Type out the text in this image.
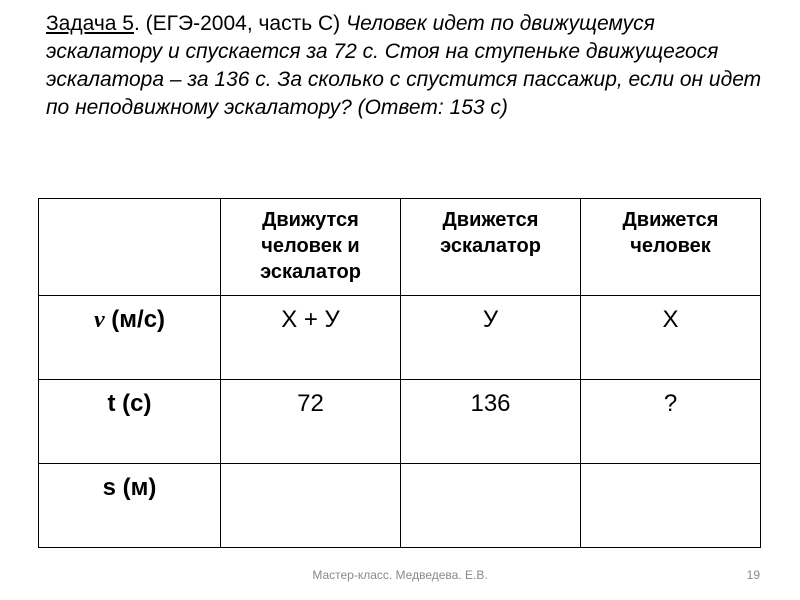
Задача 5. (ЕГЭ-2004, часть С) Человек идет по движущемуся эскалатору и спускается за 72 с. Стоя на ступеньке движущегося эскалатора – за 136 с. За сколько с спустится пассажир, если он идет по неподвижному эскалатору? (Ответ: 153 с)
	Движутся человек и эскалатор	Движется эскалатор	Движется человек
v (м/с)	Х + У	У	Х
t (с)	72	136	?
s (м)			
Мастер-класс. Медведева. Е.В.	19
